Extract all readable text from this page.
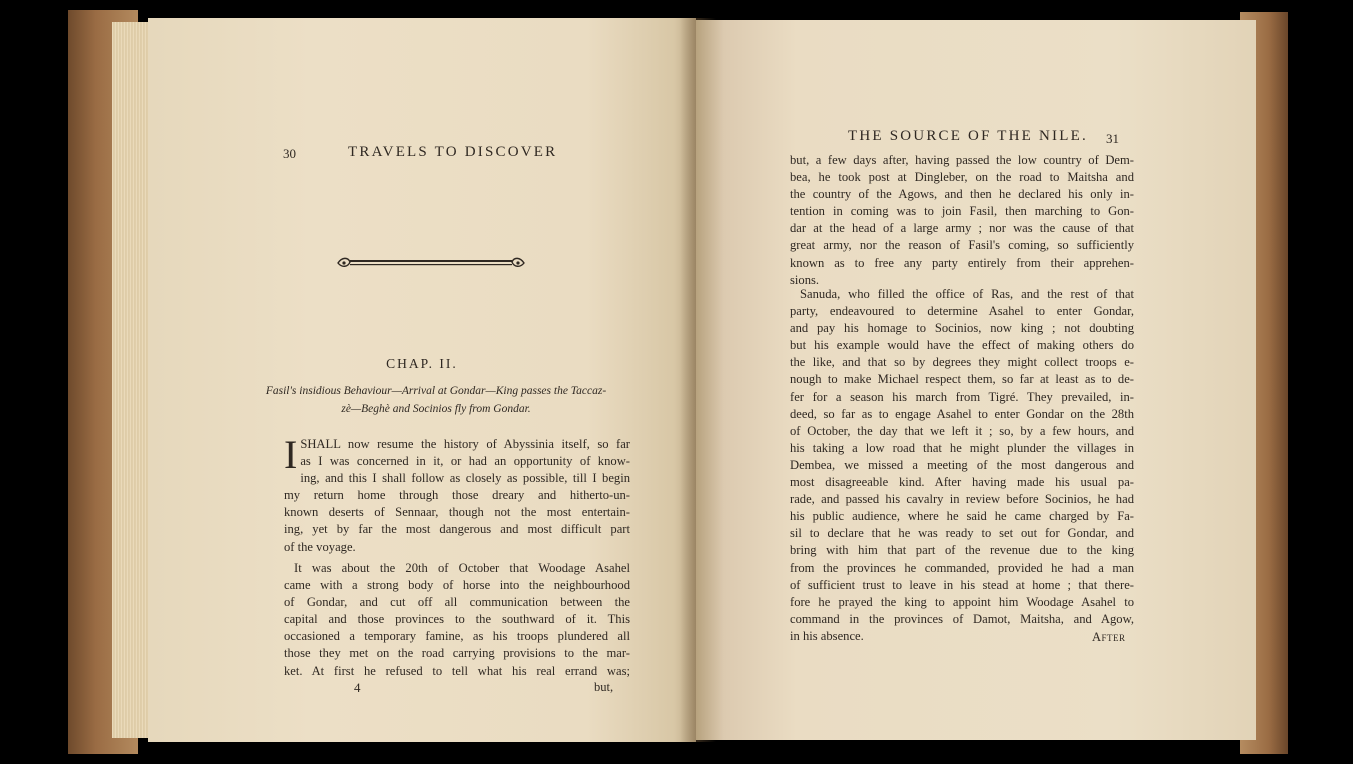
30	TRAVELS TO DISCOVER
CHAP. II.
Fasil's insidious Behaviour—Arrival at Gondar—King passes the Taccaz-
zè—Beghè and Socinios fly from Gondar.
I SHALL now resume the history of Abyssinia itself, so far
as I was concerned in it, or had an opportunity of know-
ing, and this I shall follow as closely as possible, till I begin
my return home through those dreary and hitherto-un-
known deserts of Sennaar, though not the most entertain-
ing, yet by far the most dangerous and most difficult part
of the voyage.
It was about the 20th of October that Woodage Asahel
came with a strong body of horse into the neighbourhood
of Gondar, and cut off all communication between the
capital and those provinces to the southward of it. This
occasioned a temporary famine, as his troops plundered all
those they met on the road carrying provisions to the mar-
ket. At first he refused to tell what his real errand was;
4	but,
THE SOURCE OF THE NILE. 31
but, a few days after, having passed the low country of Dem-
bea, he took post at Dingleber, on the road to Maitsha and
the country of the Agows, and then he declared his only in-
tention in coming was to join Fasil, then marching to Gon-
dar at the head of a large army ; nor was the cause of that
great army, nor the reason of Fasil's coming, so sufficiently
known as to free any party entirely from their apprehen-
sions.
Sanuda, who filled the office of Ras, and the rest of that
party, endeavoured to determine Asahel to enter Gondar,
and pay his homage to Socinios, now king ; not doubting
but his example would have the effect of making others do
the like, and that so by degrees they might collect troops e-
nough to make Michael respect them, so far at least as to de-
fer for a season his march from Tigré. They prevailed, in-
deed, so far as to engage Asahel to enter Gondar on the 28th
of October, the day that we left it ; so, by a few hours, and
his taking a low road that he might plunder the villages in
Dembea, we missed a meeting of the most dangerous and
most disagreeable kind. After having made his usual pa-
rade, and passed his cavalry in review before Socinios, he had
his public audience, where he said he came charged by Fa-
sil to declare that he was ready to set out for Gondar, and
bring with him that part of the revenue due to the king
from the provinces he commanded, provided he had a man
of sufficient trust to leave in his stead at home ; that there-
fore he prayed the king to appoint him Woodage Asahel to
command in the provinces of Damot, Maitsha, and Agow,
in his absence.	After
